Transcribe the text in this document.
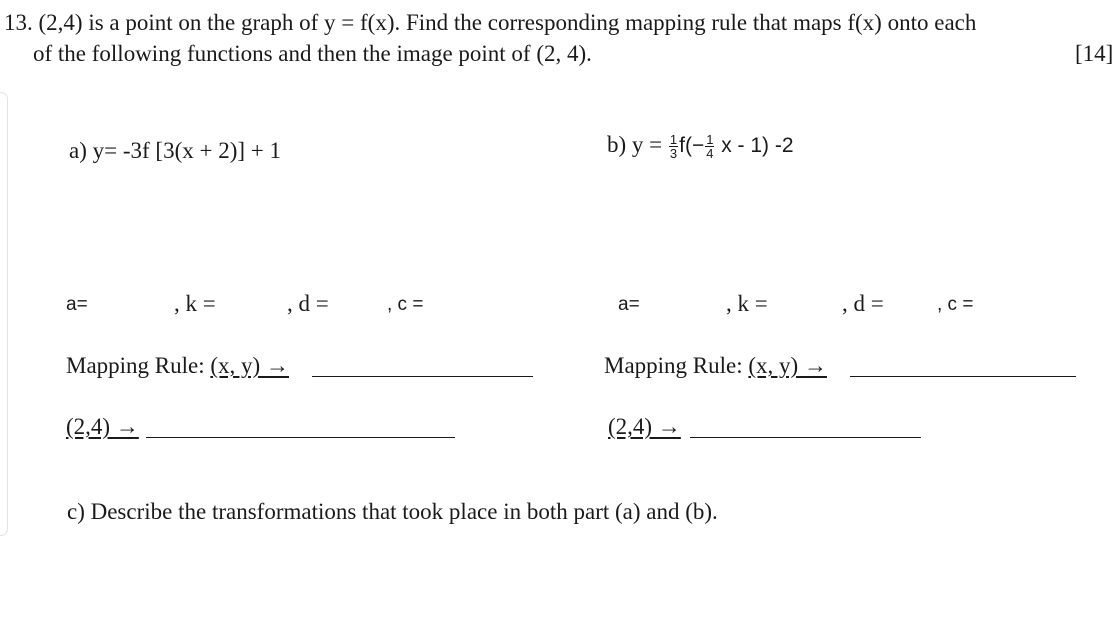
13. (2,4) is a point on the graph of y = f(x). Find the corresponding mapping rule that maps f(x) onto each
of the following functions and then the image point of (2, 4).	[14]
a) y= -3f [3(x + 2)] + 1	b) $y = \frac{1}{3} f(- \frac{1}{4}$ x - 1) -2
a=	, k =	, d =	, c =	a=	, k =	, d =	, c =
Mapping Rule: (x, y) →	Mapping Rule: (x, y) →
(2,4) →	(2,4) →
c) Describe the transformations that took place in both part (a) and (b).
